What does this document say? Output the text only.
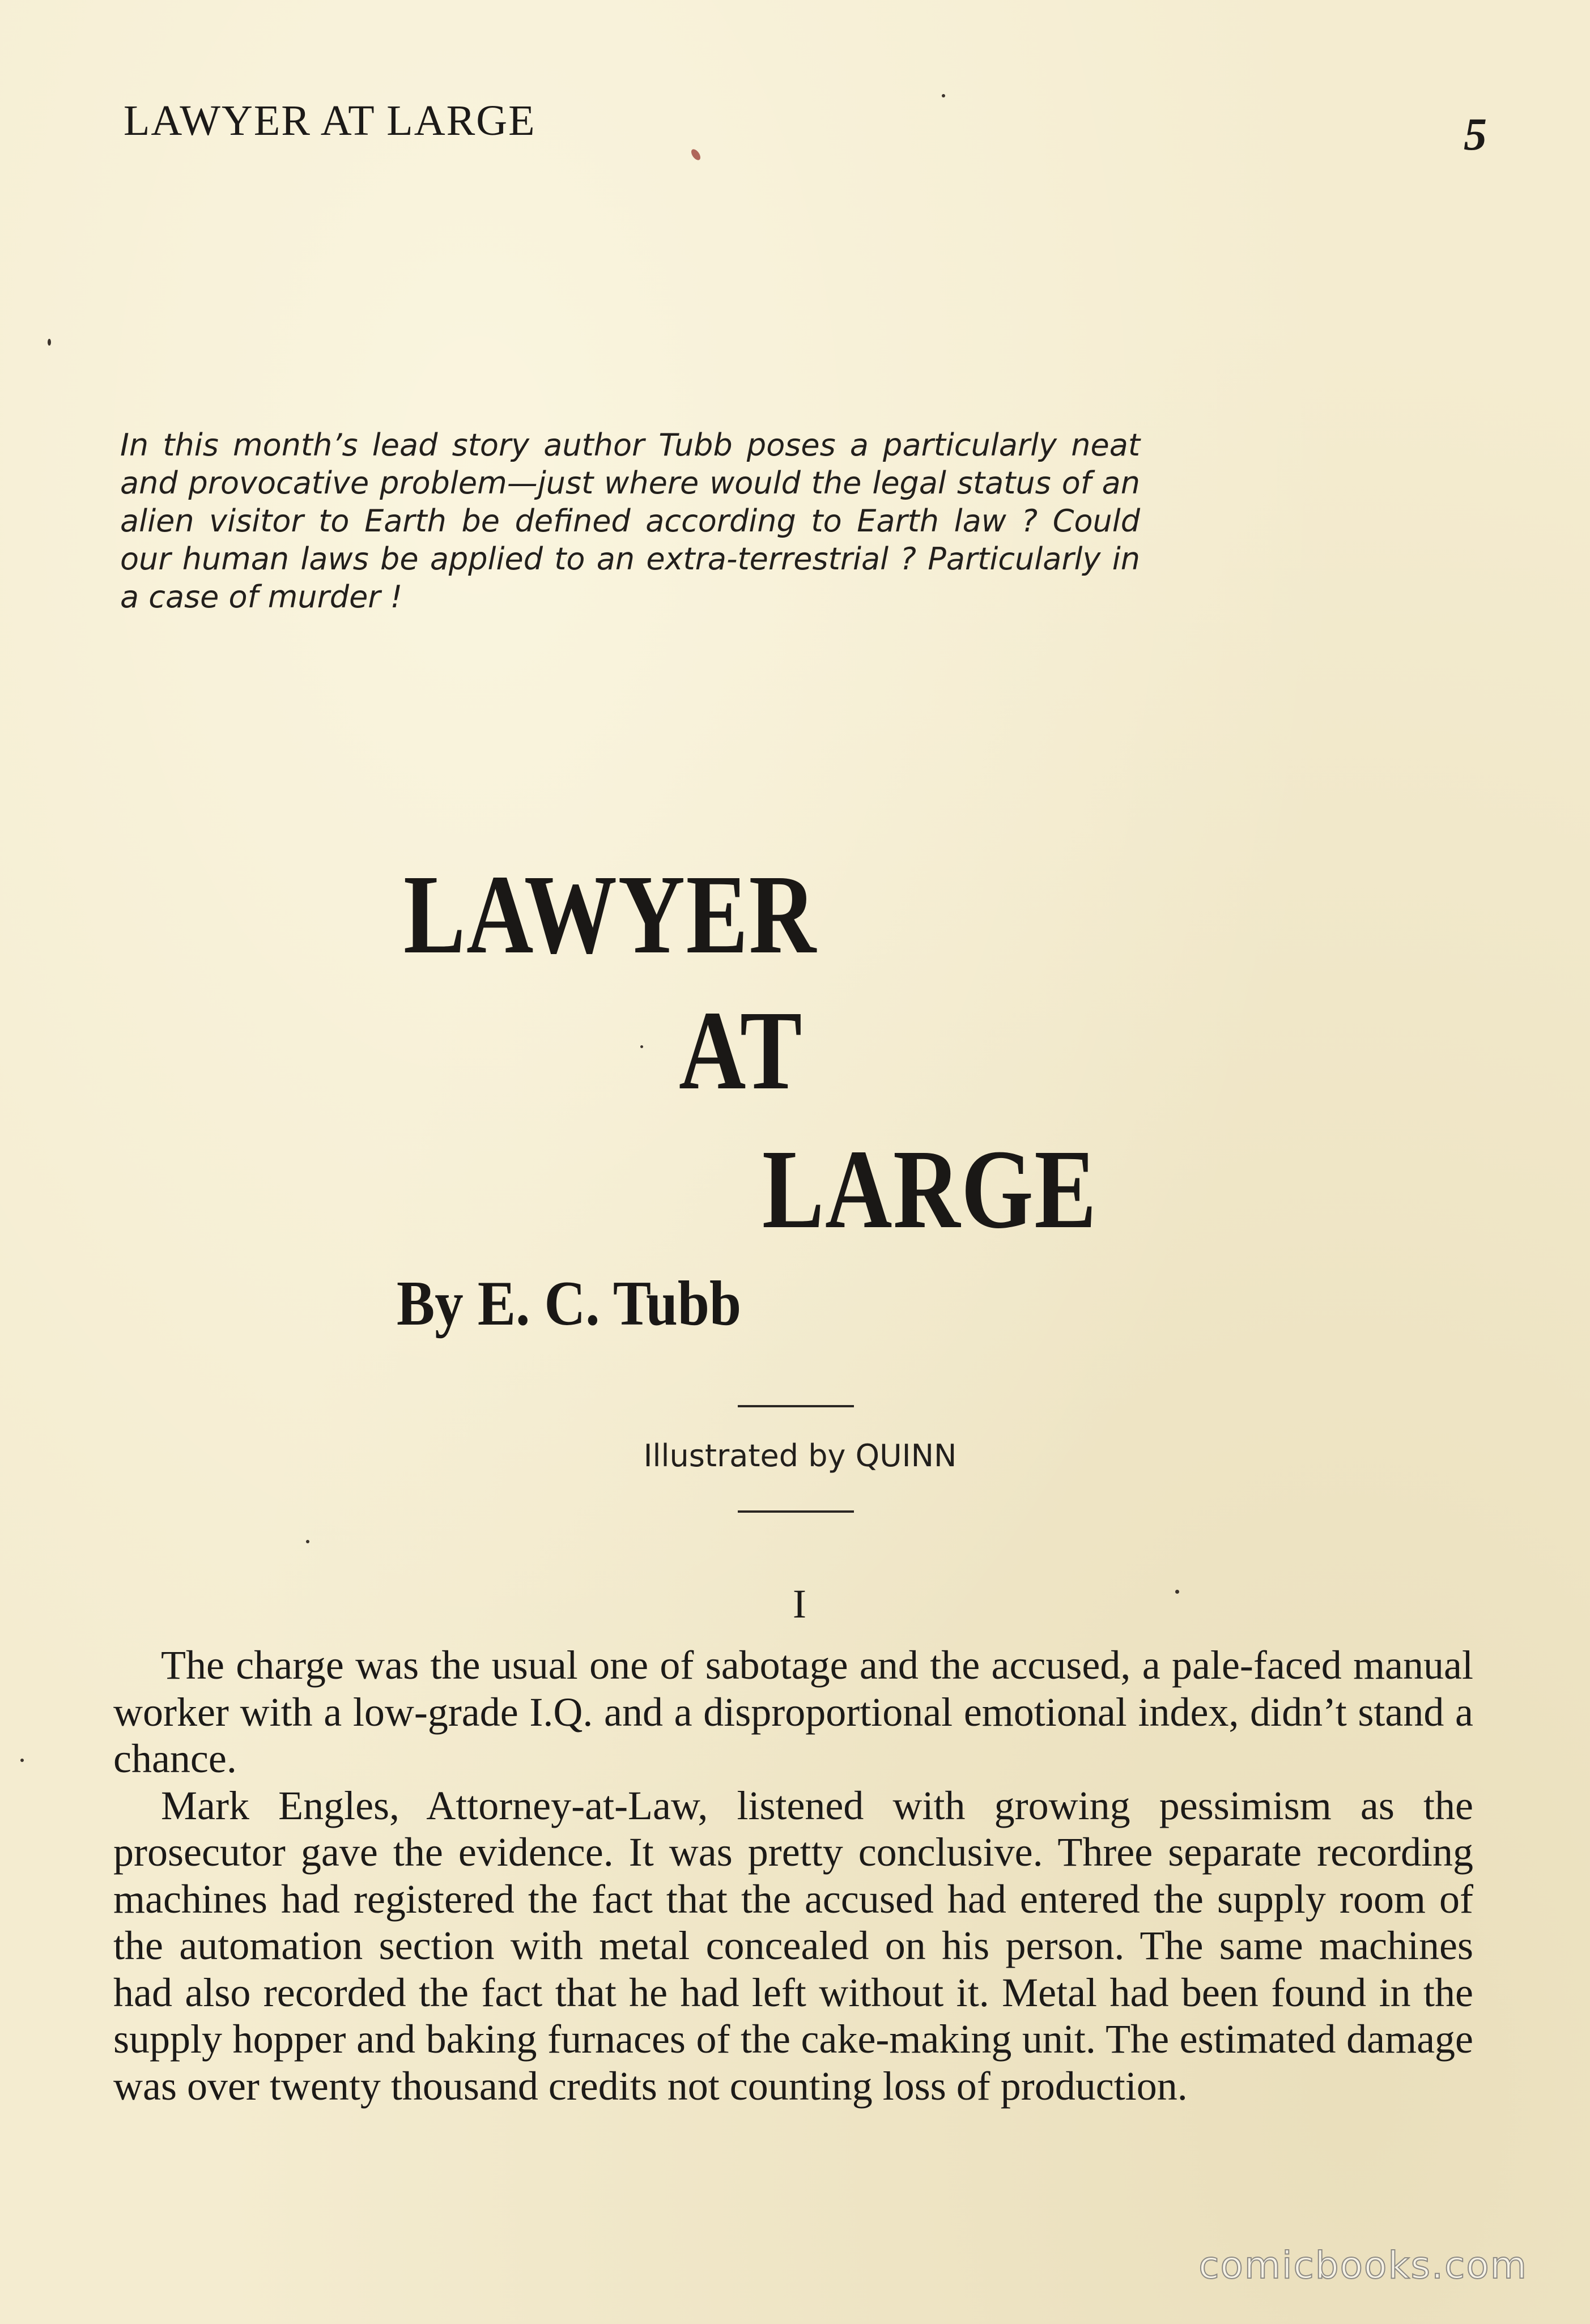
LAWYER AT LARGE	5
In this month’s lead story author Tubb poses a particularly neat and provocative problem—just where would the legal status of an alien visitor to Earth be defined according to Earth law ? Could our human laws be applied to an extra-terrestrial ? Particularly in a case of murder !
LAWYER
AT
LARGE
By E. C. Tubb
Illustrated by QUINN
I

The charge was the usual one of sabotage and the accused, a pale-faced manual worker with a low-grade I.Q. and a disproportional emotional index, didn’t stand a chance.

Mark Engles, Attorney-at-Law, listened with growing pessimism as the prosecutor gave the evidence. It was pretty conclusive. Three separate recording machines had registered the fact that the accused had entered the supply room of the automation section with metal concealed on his person. The same machines had also recorded the fact that he had left without it. Metal had been found in the supply hopper and baking furnaces of the cake-making unit. The estimated damage was over twenty thousand credits not counting loss of production.

comicbooks.com
